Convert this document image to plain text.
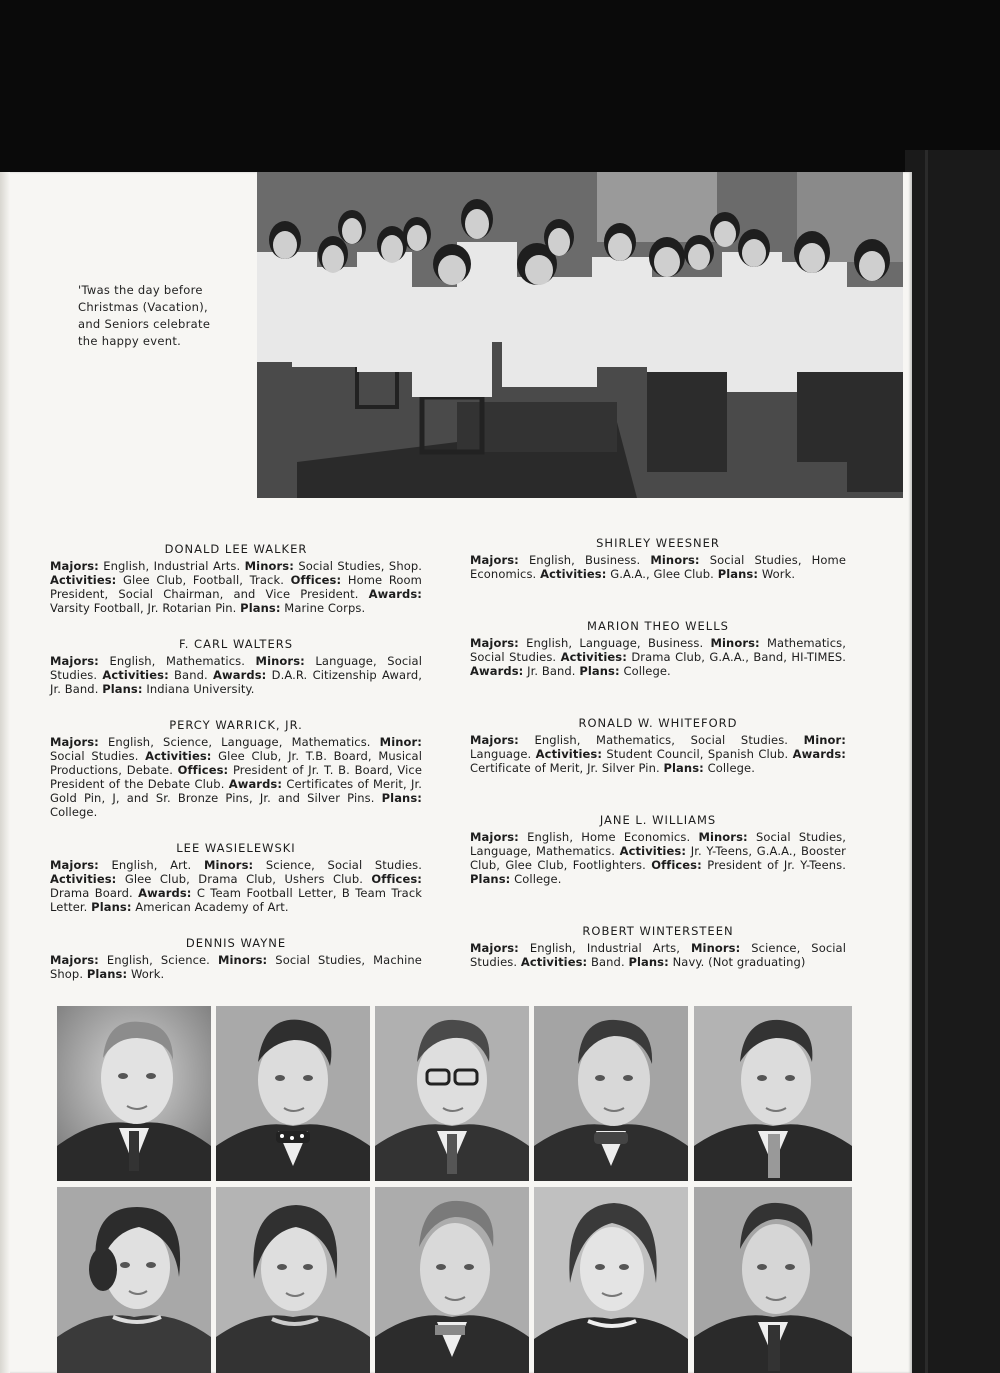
'Twas the day before
Christmas (Vacation),
and Seniors celebrate
the happy event.
DONALD LEE WALKER
Majors: English, Industrial Arts. Minors: Social Studies, Shop. Activities: Glee Club, Football, Track. Offices: Home Room President, Social Chairman, and Vice President. Awards: Varsity Football, Jr. Rotarian Pin. Plans: Marine Corps.
F. CARL WALTERS
Majors: English, Mathematics. Minors: Language, Social Studies. Activities: Band. Awards: D.A.R. Citizenship Award, Jr. Band. Plans: Indiana University.
PERCY WARRICK, JR.
Majors: English, Science, Language, Mathematics. Minor: Social Studies. Activities: Glee Club, Jr. T.B. Board, Musical Productions, Debate. Offices: President of Jr. T. B. Board, Vice President of the Debate Club. Awards: Certificates of Merit, Jr. Gold Pin, J, and Sr. Bronze Pins, Jr. and Silver Pins. Plans: College.
LEE WASIELEWSKI
Majors: English, Art. Minors: Science, Social Studies. Activities: Glee Club, Drama Club, Ushers Club. Offices: Drama Board. Awards: C Team Football Letter, B Team Track Letter. Plans: American Academy of Art.
DENNIS WAYNE
Majors: English, Science. Minors: Social Studies, Machine Shop. Plans: Work.
SHIRLEY WEESNER
Majors: English, Business. Minors: Social Studies, Home Economics. Activities: G.A.A., Glee Club. Plans: Work.
MARION THEO WELLS
Majors: English, Language, Business. Minors: Mathematics, Social Studies. Activities: Drama Club, G.A.A., Band, HI-TIMES. Awards: Jr. Band. Plans: College.
RONALD W. WHITEFORD
Majors: English, Mathematics, Social Studies. Minor: Language. Activities: Student Council, Spanish Club. Awards: Certificate of Merit, Jr. Silver Pin. Plans: College.
JANE L. WILLIAMS
Majors: English, Home Economics. Minors: Social Studies, Language, Mathematics. Activities: Jr. Y-Teens, G.A.A., Booster Club, Glee Club, Footlighters. Offices: President of Jr. Y-Teens. Plans: College.
ROBERT WINTERSTEEN
Majors: English, Industrial Arts, Minors: Science, Social Studies. Activities: Band. Plans: Navy. (Not graduating)
